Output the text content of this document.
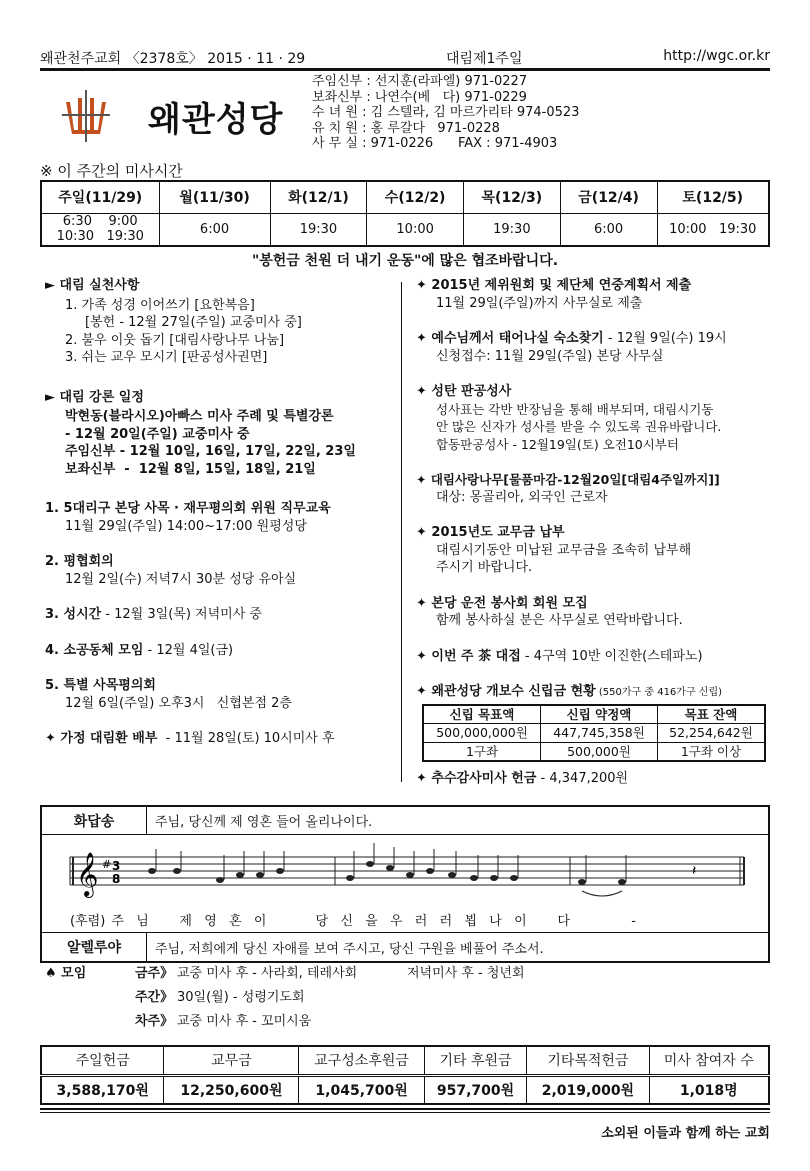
왜관천주교회 〈2378호〉 2015 · 11 · 29	대림제1주일	http://wgc.or.kr
왜관성당
주임신부 : 선지훈(라파엘) 971-0227
보좌신부 : 나연수(베   다) 971-0229
수 녀 원 : 김 스텔라, 김 마르가리타 974-0523
유 치 원 : 홍 루갈다   971-0228
사 무 실 : 971-0226      FAX : 971-4903
※ 이 주간의 미사시간
주일(11/29)	월(11/30)	화(12/1)	수(12/2)	목(12/3)	금(12/4)	토(12/5)

6:30    9:00
10:30   19:30	6:00	19:30	10:00	19:30	6:00	10:00   19:30
"봉헌금 천원 더 내기 운동"에 많은 협조바랍니다.
► 대림 실천사항
1. 가족 성경 이어쓰기 [요한복음]
[봉헌 - 12월 27일(주일) 교중미사 중]
2. 불우 이웃 돕기 [대림사랑나무 나눔]
3. 쉬는 교우 모시기 [판공성사권면]
► 대림 강론 일정
박현동(블라시오)아빠스 미사 주례 및 특별강론
- 12월 20일(주일) 교중미사 중
주임신부 - 12월 10일, 16일, 17일, 22일, 23일
보좌신부  -  12월 8일, 15일, 18일, 21일
1. 5대리구 본당 사목 · 재무평의회 위원 직무교육
11월 29일(주일) 14:00~17:00 원평성당
2. 평협회의
12월 2일(수) 저녁7시 30분 성당 유아실
3. 성시간 - 12월 3일(목) 저녁미사 중
4. 소공동체 모임 - 12월 4일(금)
5. 특별 사목평의회
12월 6일(주일) 오후3시   신협본점 2층
✦ 가정 대림환 배부  - 11월 28일(토) 10시미사 후
✦ 2015년 제위원회 및 제단체 연중계획서 제출
11월 29일(주일)까지 사무실로 제출
✦ 예수님께서 태어나실 숙소찾기 - 12월 9일(수) 19시
신청접수: 11월 29일(주일) 본당 사무실
✦ 성탄 판공성사
성사표는 각반 반장님을 통해 배부되며, 대림시기동
안 많은 신자가 성사를 받을 수 있도록 권유바랍니다.
합동판공성사 - 12월19일(토) 오전10시부터
✦ 대림사랑나무[물품마감-12월20일[대림4주일까지]]
대상: 몽골리아, 외국인 근로자
✦ 2015년도 교무금 납부
대림시기동안 미납된 교무금을 조속히 납부해
주시기 바랍니다.
✦ 본당 운전 봉사회 회원 모집
함께 봉사하실 분은 사무실로 연락바랍니다.
✦ 이번 주 茶 대접 - 4구역 10반 이진한(스테파노)
✦ 왜관성당 개보수 신립금 현황 (550가구 중 416가구 신립)
신립 목표액	신립 약정액	목표 잔액
500,000,000원	447,745,358원	52,254,642원
1구좌	500,000원	1구좌 이상
✦ 추수감사미사 헌금 - 4,347,200원
화답송	주님, 당신께 제 영혼 들어 올리나이다.
𝄞 # 3
8	𝄽
(후렴) 주  님     제  영  혼  이        당  신  을  우  러  러  뵙  나  이     다          -
알렐루야	주님, 저희에게 당신 자애를 보여 주시고, 당신 구원을 베풀어 주소서.
♠ 모임	금주》 교중 미사 후 - 사라회, 테레사회	저녁미사 후 - 청년회
주간》 30일(월) - 성령기도회
차주》 교중 미사 후 - 꼬미시움
주일헌금	교무금	교구성소후원금	기타 후원금	기타목적헌금	미사 참여자 수
3,588,170원	12,250,600원	1,045,700원	957,700원	2,019,000원	1,018명
소외된 이들과 함께 하는 교회
